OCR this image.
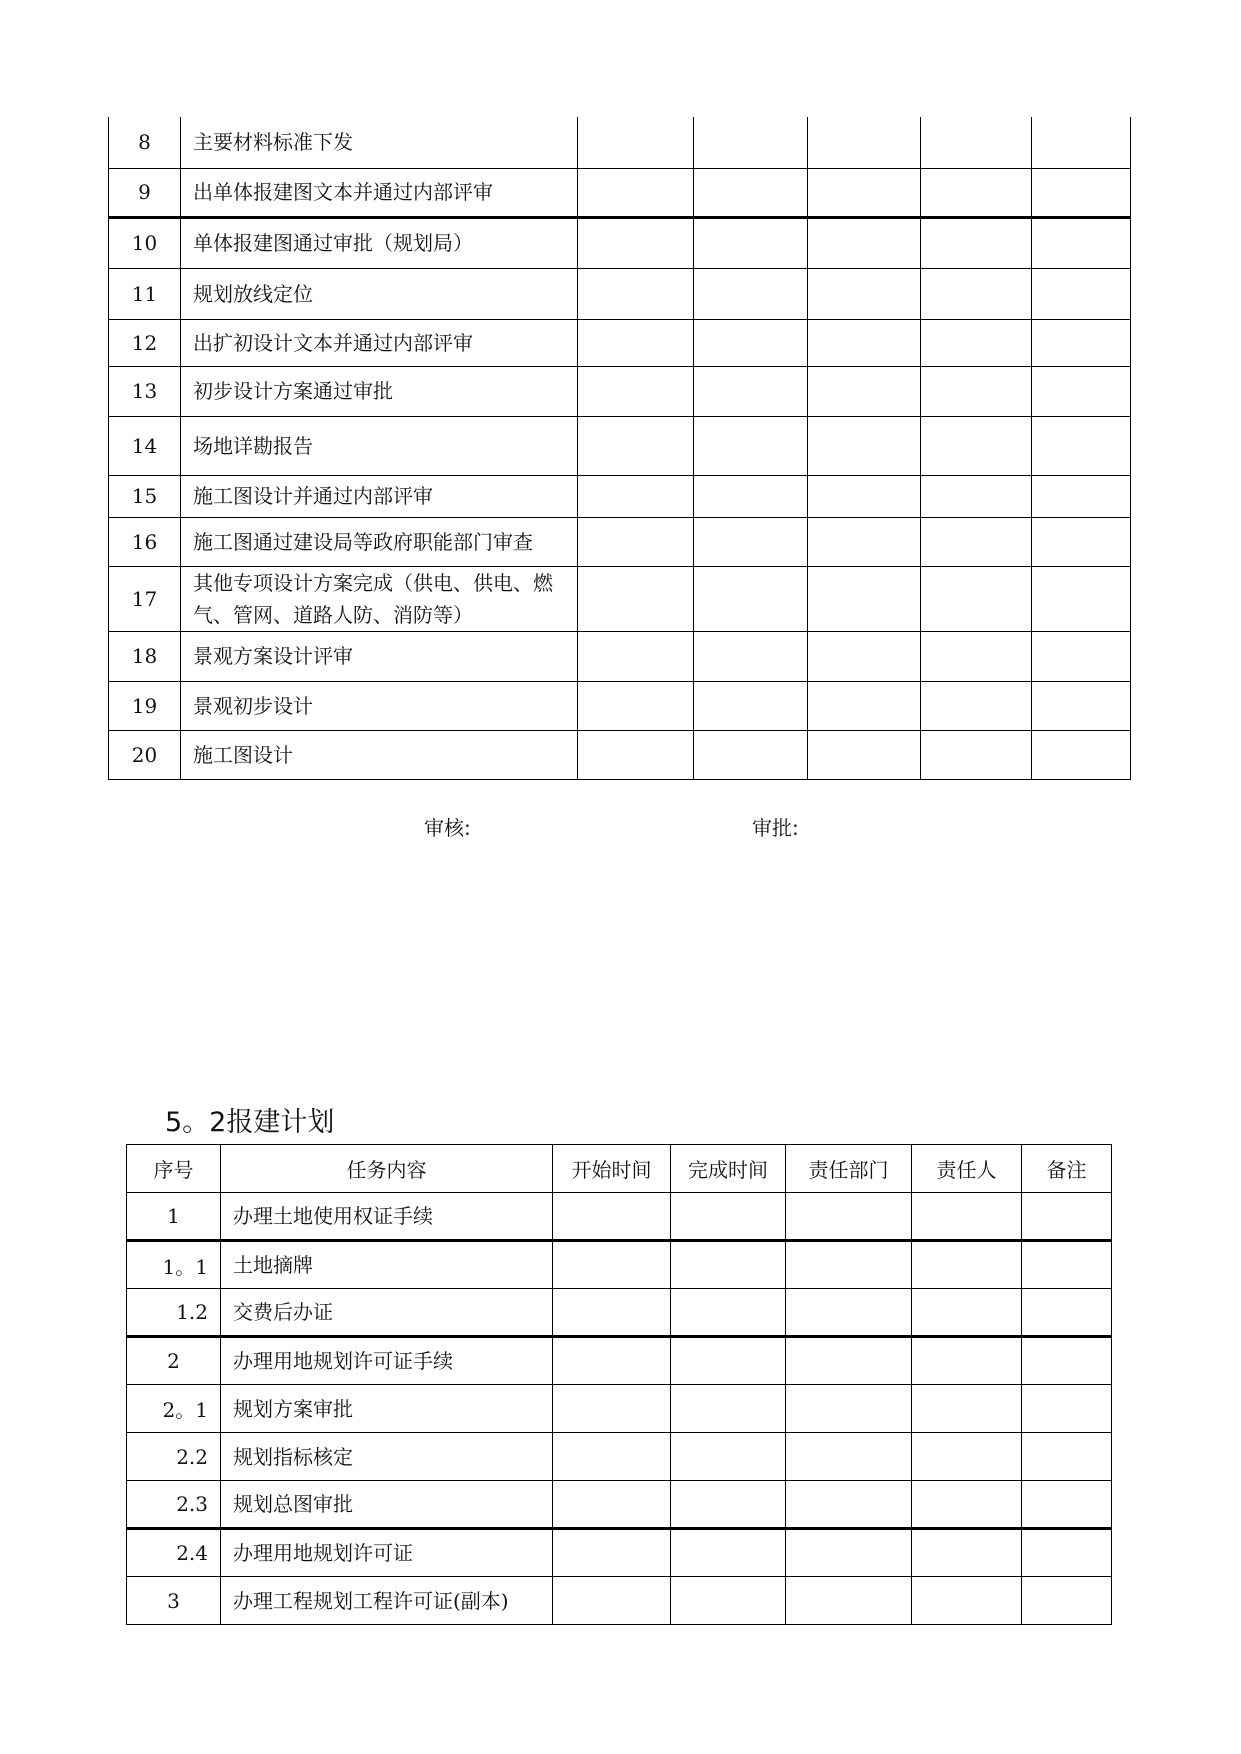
8	主要材料标准下发					
9	出单体报建图文本并通过内部评审					
10	单体报建图通过审批（规划局）					
11	规划放线定位					
12	出扩初设计文本并通过内部评审					
13	初步设计方案通过审批					
14	场地详勘报告					
15	施工图设计并通过内部评审					
16	施工图通过建设局等政府职能部门审查					
17	其他专项设计方案完成（供电、供电、燃气、管网、道路人防、消防等）					
18	景观方案设计评审					
19	景观初步设计					
20	施工图设计					
审核:	审批:
5。2报建计划
序号	任务内容	开始时间	完成时间	责任部门	责任人	备注
1	办理土地使用权证手续					
1。1	土地摘牌					
1.2	交费后办证					
2	办理用地规划许可证手续					
2。1	规划方案审批					
2.2	规划指标核定					
2.3	规划总图审批					
2.4	办理用地规划许可证					
3	办理工程规划工程许可证(副本)					
